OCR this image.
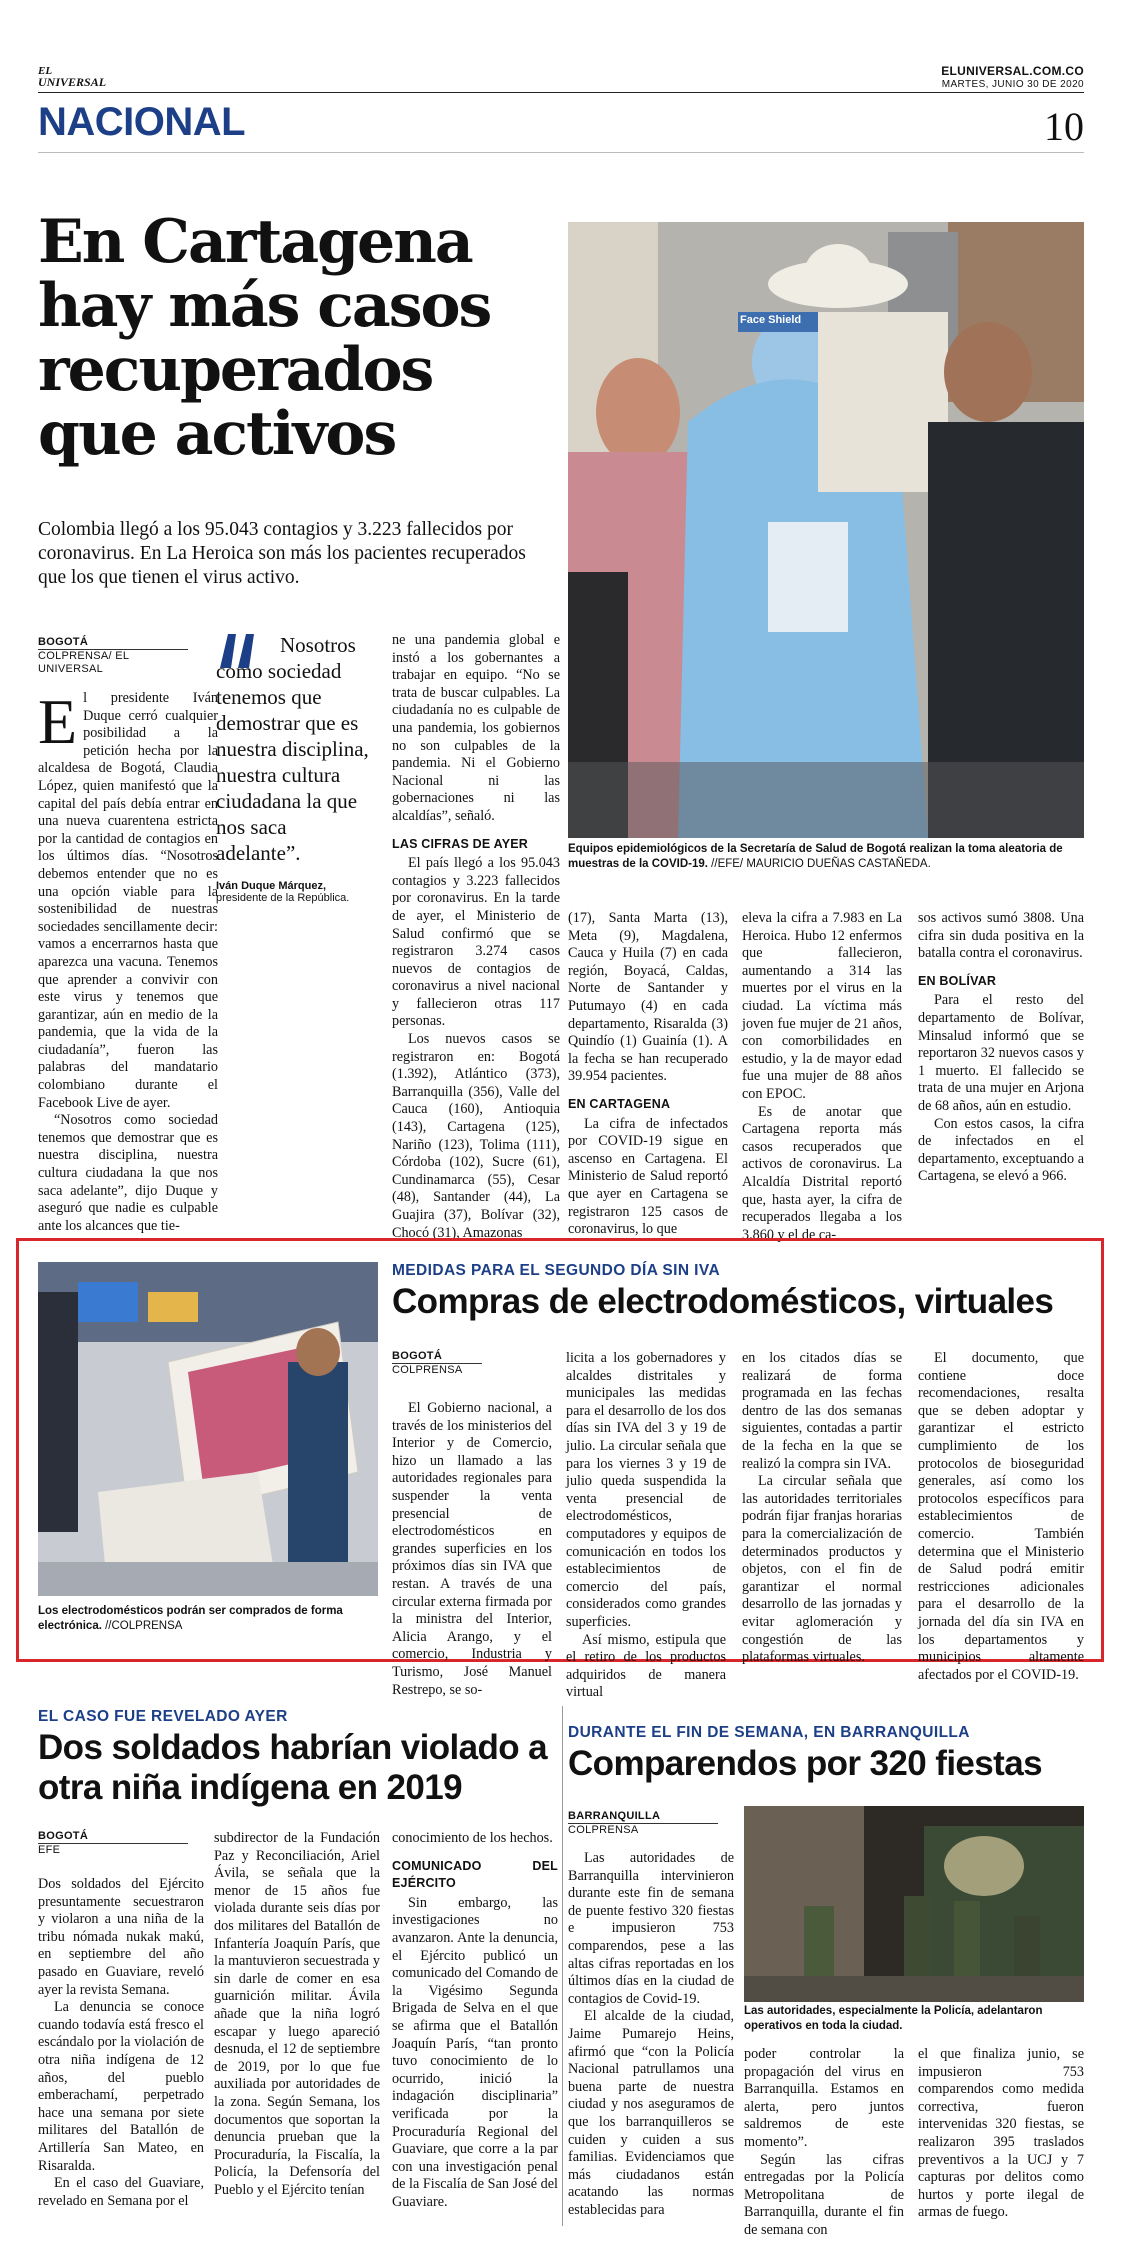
EL
UNIVERSAL
ELUNIVERSAL.COM.CO
MARTES, JUNIO 30 DE 2020
NACIONAL	10
En Cartagena hay más casos recuperados que activos
Colombia llegó a los 95.043 contagios y 3.223 fallecidos por coronavirus. En La Heroica son más los pacientes recuperados que los que tienen el virus activo.
BOGOTÁ
COLPRENSA/ EL UNIVERSAL

El presidente Iván Duque cerró cualquier posibilidad a la petición hecha por la alcaldesa de Bogotá, Claudia López, quien manifestó que la capital del país debía entrar en una nueva cuarentena estricta por la cantidad de contagios en los últimos días. “Nosotros debemos entender que no es una opción viable para la sostenibilidad de nuestras sociedades sencillamente decir: vamos a encerrarnos hasta que aparezca una vacuna. Tenemos que aprender a convivir con este virus y tenemos que garantizar, aún en medio de la pandemia, que la vida de la ciudadanía”, fueron las palabras del mandatario colombiano durante el Facebook Live de ayer.

“Nosotros como sociedad tenemos que demostrar que es nuestra disciplina, nuestra cultura ciudadana la que nos saca adelante”, dijo Duque y aseguró que nadie es culpable ante los alcances que tie-

Nosotros como sociedad tenemos que demostrar que es nuestra disciplina, nuestra cultura ciudadana la que nos saca adelante”.
Iván Duque Márquez,
presidente de la República.

ne una pandemia global e instó a los gobernantes a trabajar en equipo. “No se trata de buscar culpables. La ciudadanía no es culpable de una pandemia, los gobiernos no son culpables de la pandemia. Ni el Gobierno Nacional ni las gobernaciones ni las alcaldías”, señaló.

LAS CIFRAS DE AYER

El país llegó a los 95.043 contagios y 3.223 fallecidos por coronavirus. En la tarde de ayer, el Ministerio de Salud confirmó que se registraron 3.274 casos nuevos de contagios de coronavirus a nivel nacional y fallecieron otras 117 personas.

Los nuevos casos se registraron en: Bogotá (1.392), Atlántico (373), Barranquilla (356), Valle del Cauca (160), Antioquia (143), Cartagena (125), Nariño (123), Tolima (111), Córdoba (102), Sucre (61), Cundinamarca (55), Cesar (48), Santander (44), La Guajira (37), Bolívar (32), Chocó (31), Amazonas

Face Shield
Equipos epidemiológicos de la Secretaría de Salud de Bogotá realizan la toma aleatoria de muestras de la COVID-19. //EFE/ MAURICIO DUEÑAS CASTAÑEDA.

(17), Santa Marta (13), Meta (9), Magdalena, Cauca y Huila (7) en cada región, Boyacá, Caldas, Norte de Santander y Putumayo (4) en cada departamento, Risaralda (3) Quindío (1) Guainía (1). A la fecha se han recuperado 39.954 pacientes.

EN CARTAGENA

La cifra de infectados por COVID-19 sigue en ascenso en Cartagena. El Ministerio de Salud reportó que ayer en Cartagena se registraron 125 casos de coronavirus, lo que

eleva la cifra a 7.983 en La Heroica. Hubo 12 enfermos que fallecieron, aumentando a 314 las muertes por el virus en la ciudad. La víctima más joven fue mujer de 21 años, con comorbilidades en estudio, y la de mayor edad fue una mujer de 88 años con EPOC.

Es de anotar que Cartagena reporta más casos recuperados que activos de coronavirus. La Alcaldía Distrital reportó que, hasta ayer, la cifra de recuperados llegaba a los 3.860 y el de ca-

sos activos sumó 3808. Una cifra sin duda positiva en la batalla contra el coronavirus.

EN BOLÍVAR

Para el resto del departamento de Bolívar, Minsalud informó que se reportaron 32 nuevos casos y 1 muerto. El fallecido se trata de una mujer en Arjona de 68 años, aún en estudio.

Con estos casos, la cifra de infectados en el departamento, exceptuando a Cartagena, se elevó a 966.

Los electrodomésticos podrán ser comprados de forma electrónica. //COLPRENSA
MEDIDAS PARA EL SEGUNDO DÍA SIN IVA
Compras de electrodomésticos, virtuales
BOGOTÁ
COLPRENSA

El Gobierno nacional, a través de los ministerios del Interior y de Comercio, hizo un llamado a las autoridades regionales para suspender la venta presencial de electrodomésticos en grandes superficies en los próximos días sin IVA que restan. A través de una circular externa firmada por la ministra del Interior, Alicia Arango, y el comercio, Industria y Turismo, José Manuel Restrepo, se so-

licita a los gobernadores y alcaldes distritales y municipales las medidas para el desarrollo de los dos días sin IVA del 3 y 19 de julio. La circular señala que para los viernes 3 y 19 de julio queda suspendida la venta presencial de electrodomésticos, computadores y equipos de comunicación en todos los establecimientos de comercio del país, considerados como grandes superficies.

Así mismo, estipula que el retiro de los productos adquiridos de manera virtual

en los citados días se realizará de forma programada en las fechas dentro de las dos semanas siguientes, contadas a partir de la fecha en la que se realizó la compra sin IVA.

La circular señala que las autoridades territoriales podrán fijar franjas horarias para la comercialización de determinados productos y objetos, con el fin de garantizar el normal desarrollo de las jornadas y evitar aglomeración y congestión de las plataformas virtuales.

El documento, que contiene doce recomendaciones, resalta que se deben adoptar y garantizar el estricto cumplimiento de los protocolos de bioseguridad generales, así como los protocolos específicos para establecimientos de comercio. También determina que el Ministerio de Salud podrá emitir restricciones adicionales para el desarrollo de la jornada del día sin IVA en los departamentos y municipios altamente afectados por el COVID-19.

EL CASO FUE REVELADO AYER
Dos soldados habrían violado a otra niña indígena en 2019
BOGOTÁ
EFE

Dos soldados del Ejército presuntamente secuestraron y violaron a una niña de la tribu nómada nukak makú, en septiembre del año pasado en Guaviare, reveló ayer la revista Semana.

La denuncia se conoce cuando todavía está fresco el escándalo por la violación de otra niña indígena de 12 años, del pueblo emberachamí, perpetrado hace una semana por siete militares del Batallón de Artillería San Mateo, en Risaralda.

En el caso del Guaviare, revelado en Semana por el

subdirector de la Fundación Paz y Reconciliación, Ariel Ávila, se señala que la menor de 15 años fue violada durante seis días por dos militares del Batallón de Infantería Joaquín París, que la mantuvieron secuestrada y sin darle de comer en esa guarnición militar. Ávila añade que la niña logró escapar y luego apareció desnuda, el 12 de septiembre de 2019, por lo que fue auxiliada por autoridades de la zona. Según Semana, los documentos que soportan la denuncia prueban que la Procuraduría, la Fiscalía, la Policía, la Defensoría del Pueblo y el Ejército tenían

conocimiento de los hechos.

COMUNICADO DEL EJÉRCITO

Sin embargo, las investigaciones no avanzaron. Ante la denuncia, el Ejército publicó un comunicado del Comando de la Vigésimo Segunda Brigada de Selva en el que se afirma que el Batallón Joaquín París, “tan pronto tuvo conocimiento de lo ocurrido, inició la indagación disciplinaria” verificada por la Procuraduría Regional del Guaviare, que corre a la par con una investigación penal de la Fiscalía de San José del Guaviare.

DURANTE EL FIN DE SEMANA, EN BARRANQUILLA
Comparendos por 320 fiestas
BARRANQUILLA
COLPRENSA
Las autoridades, especialmente la Policía, adelantaron operativos en toda la ciudad.

Las autoridades de Barranquilla intervinieron durante este fin de semana de puente festivo 320 fiestas e impusieron 753 comparendos, pese a las altas cifras reportadas en los últimos días en la ciudad de contagios de Covid-19.

El alcalde de la ciudad, Jaime Pumarejo Heins, afirmó que “con la Policía Nacional patrullamos una buena parte de nuestra ciudad y nos aseguramos de que los barranquilleros se cuiden y cuiden a sus familias. Evidenciamos que más ciudadanos están acatando las normas establecidas para

poder controlar la propagación del virus en Barranquilla. Estamos en alerta, pero juntos saldremos de este momento”.

Según las cifras entregadas por la Policía Metropolitana de Barranquilla, durante el fin de semana con

el que finaliza junio, se impusieron 753 comparendos como medida correctiva, fueron intervenidas 320 fiestas, se realizaron 395 traslados preventivos a la UCJ y 7 capturas por delitos como hurtos y porte ilegal de armas de fuego.
